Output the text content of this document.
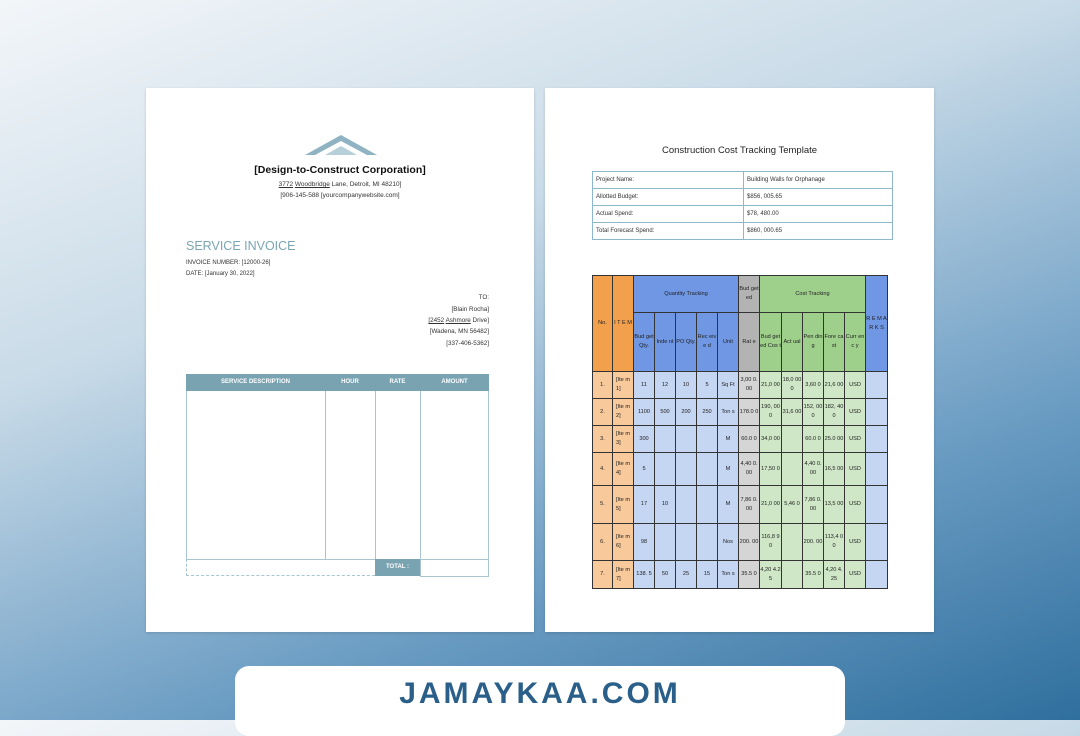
[Design-to-Construct Corporation]
3772 Woodbridge Lane, Detroit, MI 48210]
[906-145-588 [yourcompanywebsite.com]
SERVICE INVOICE
INVOICE NUMBER: [12000-26]
DATE: [January 30, 2022]
TO:
[Blain Rocha]
[2452 Ashmore Drive]
[Wadena, MN 56482]
[337-406-5362]
SERVICE DESCRIPTION	HOUR	RATE	AMOUNT
TOTAL :
Construction Cost Tracking Template
Project Name:	Building Walls for Orphanage
Allotted Budget:	$856, 005.65
Actual Spend:	$78, 480.00
Total Forecast Spend:	$860, 000.65
No.	I T E M	Quantity Tracking					Bud get ed	Cost Tracking					R E M A R K S
		Bud get Qty.	Inde nt	PO Qty.	Rec eive d	Unit	Rat e	Bud get ed Cos t	Act ual	Pen din g	Fore cast	Curr enc y	
1.	[Ite m 1]	11	12	10	5	Sq Ft	3,00 0.00	21,0 00	18,0 000	3,60 0	21,6 00	USD	
2.	[Ite m 2]	1100	500	200	250	Ton s	178.0 0	190, 000	31,6 00	152, 000	182, 400	USD	
3.	[Ite m 3]	300				M	60.0 0	34,0 00		60.0 0	25.0 00	USD	
4.	[Ite m 4]	5				M	4,40 0.00	17,50 0		4,40 0.00	16,5 00	USD	
5.	[Ite m 5]	17	10			M	7,86 0.00	21,0 00	5,46 0	7,86 0.00	13,5 00	USD	
6.	[Ite m 6]	98				Nos	200. 00	116,8 90		200. 00	113,4 00	USD	
7.	[Ite m 7]	138. 5	50	25	15	Ton s	35.5 0	4,20 4.25		35.5 0	4,20 4.25	USD	
JAMAYKAA.COM
